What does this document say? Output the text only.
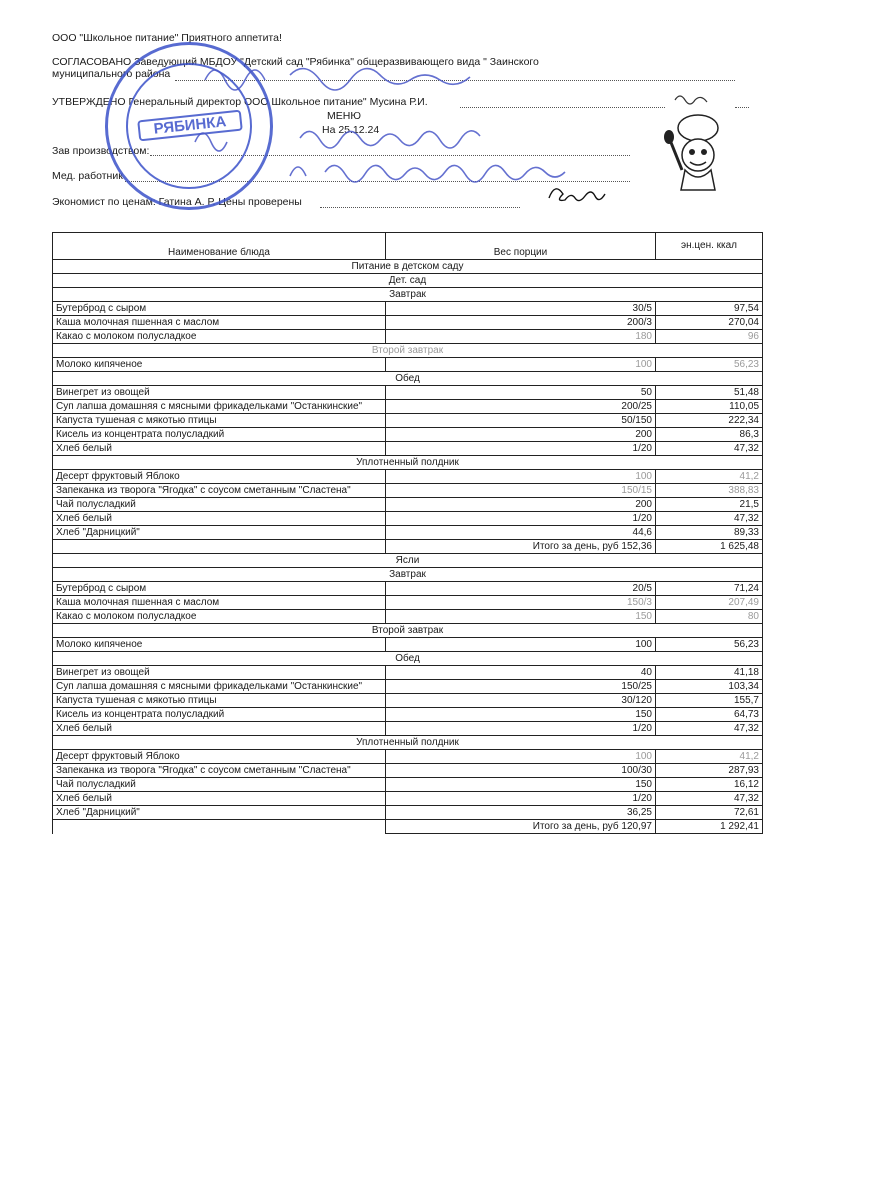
ООО "Школьное питание" Приятного аппетита!
СОГЛАСОВАНО Заведующий МБДОУ "Детский сад "Рябинка" общеразвивающего вида " Заинского
муниципального района
УТВЕРЖДЕНО Генеральный директор ООО Школьное питание" Мусина Р.И.
МЕНЮ
На 25.12.24
Зав производством:
Мед. работник
Экономист по ценам: Гатина А. Р. Цены проверены
РЯБИНКА
Наименование блюда	Вес порции	эн.цен. ккал
Питание в детском саду		
Дет. сад		
Завтрак		
Бутерброд с сыром	30/5	97,54
Каша молочная пшенная с маслом	200/3	270,04
Какао с молоком полусладкое	180	96
Второй завтрак		
Молоко кипяченое	100	56,23
Обед		
Винегрет из овощей	50	51,48
Суп лапша домашняя с мясными фрикадельками "Останкинские"	200/25	110,05
Капуста тушеная с мякотью птицы	50/150	222,34
Кисель из концентрата полусладкий	200	86,3
Хлеб белый	1/20	47,32
Уплотненный полдник		
Десерт фруктовый Яблоко	100	41,2
Запеканка из творога "Ягодка" с соусом сметанным "Сластена"	150/15	388,83
Чай полусладкий	200	21,5
Хлеб белый	1/20	47,32
Хлеб "Дарницкий"	44,6	89,33
	Итого за день, руб 152,36	1 625,48
Ясли		
Завтрак		
Бутерброд с сыром	20/5	71,24
Каша молочная пшенная с маслом	150/3	207,49
Какао с молоком полусладкое	150	80
Второй завтрак		
Молоко кипяченое	100	56,23
Обед		
Винегрет из овощей	40	41,18
Суп лапша домашняя с мясными фрикадельками "Останкинские"	150/25	103,34
Капуста тушеная с мякотью птицы	30/120	155,7
Кисель из концентрата полусладкий	150	64,73
Хлеб белый	1/20	47,32
Уплотненный полдник		
Десерт фруктовый Яблоко	100	41,2
Запеканка из творога "Ягодка" с соусом сметанным "Сластена"	100/30	287,93
Чай полусладкий	150	16,12
Хлеб белый	1/20	47,32
Хлеб "Дарницкий"	36,25	72,61
	Итого за день, руб 120,97	1 292,41
